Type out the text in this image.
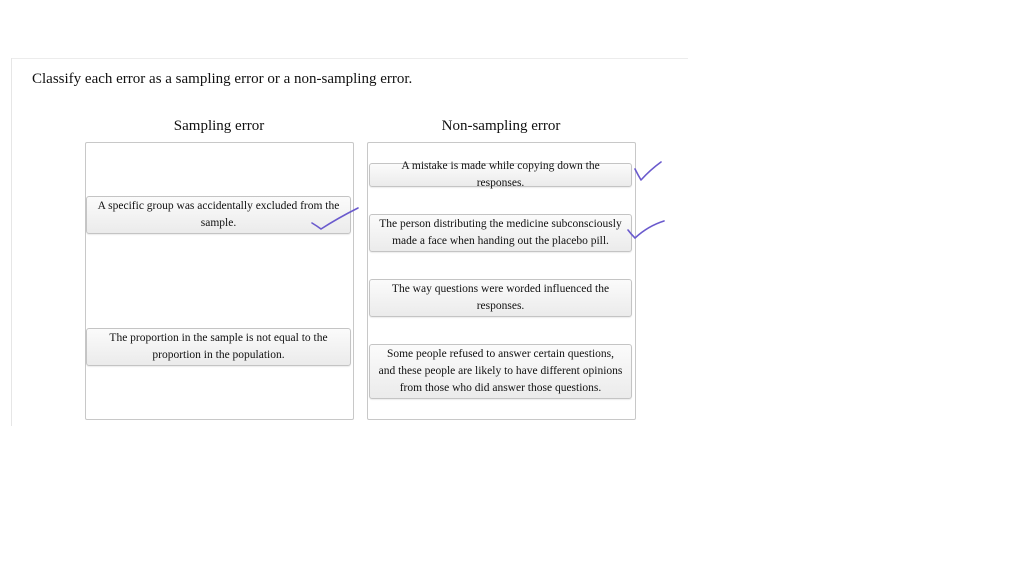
Classify each error as a sampling error or a non-sampling error.
Sampling error	Non-sampling error
A specific group was accidentally excluded from the sample.
The proportion in the sample is not equal to the proportion in the population.
A mistake is made while copying down the responses.
The person distributing the medicine subconsciously made a face when handing out the placebo pill.
The way questions were worded influenced the responses.
Some people refused to answer certain questions, and these people are likely to have different opinions from those who did answer those questions.
